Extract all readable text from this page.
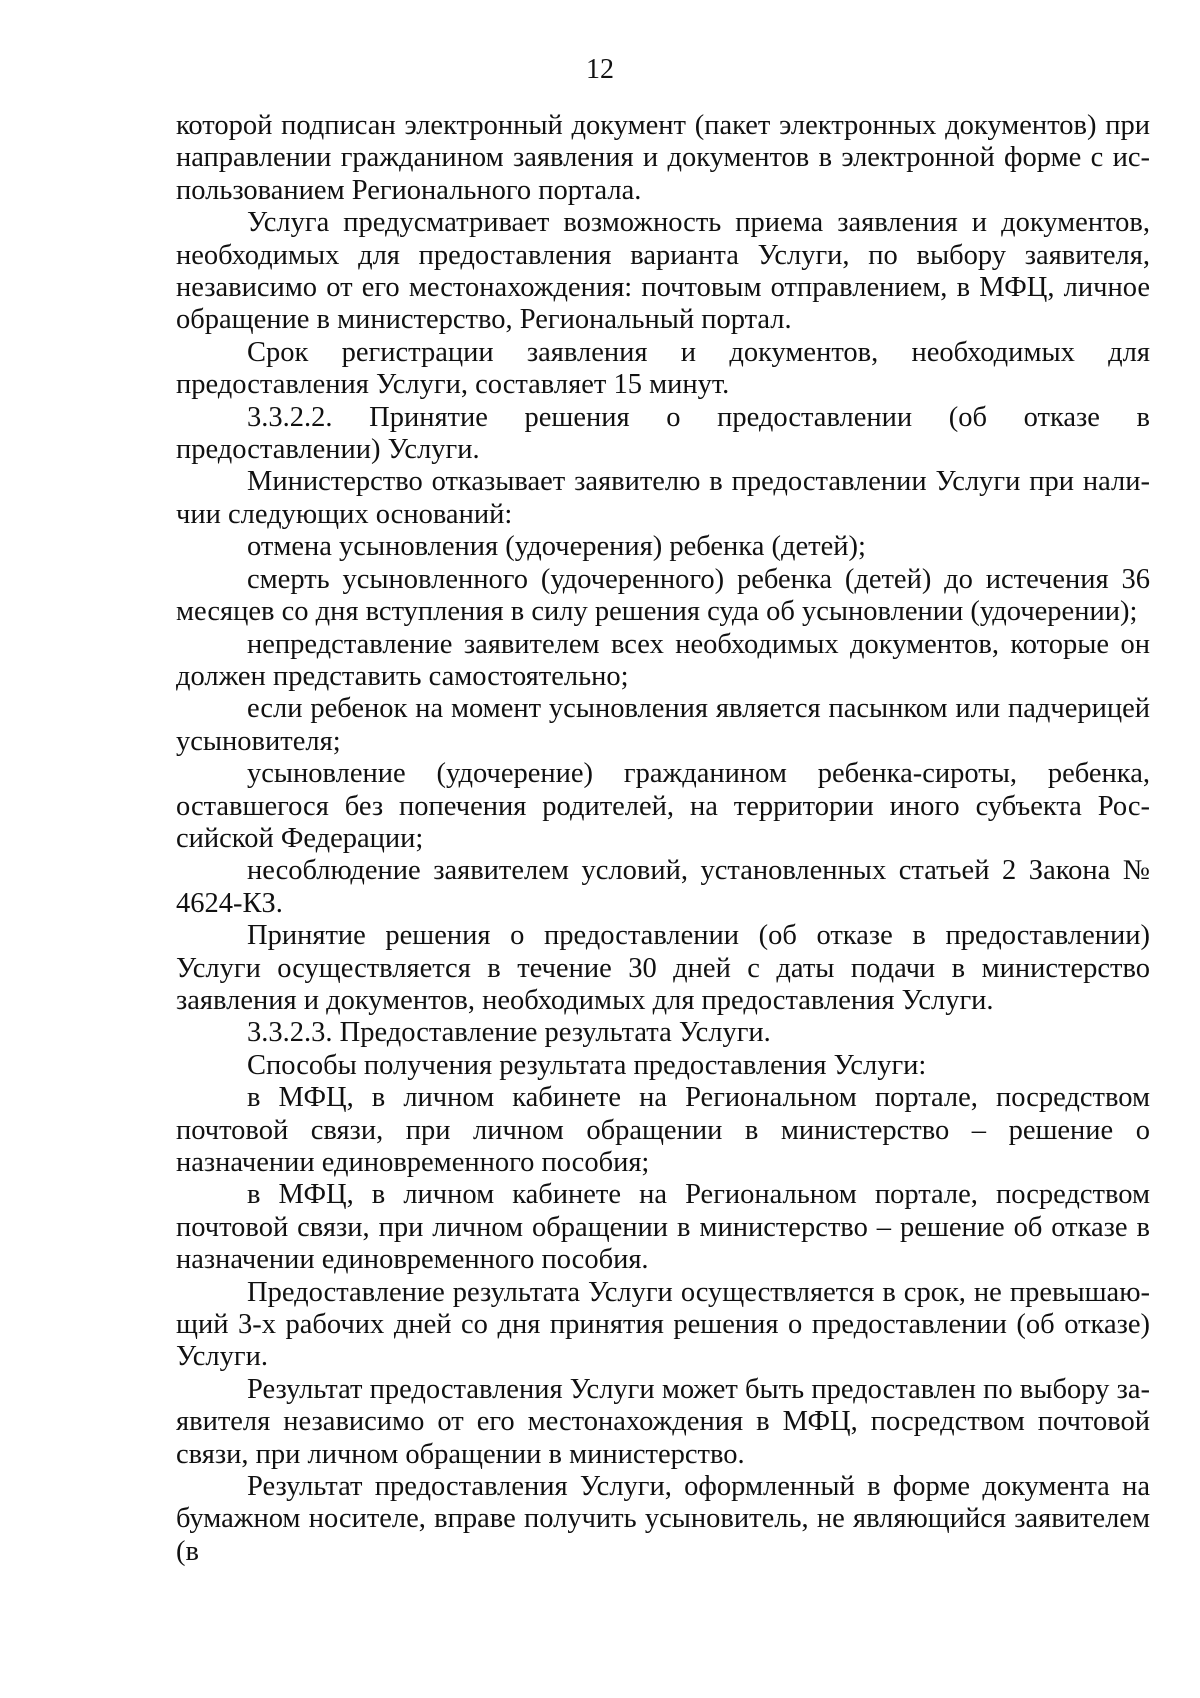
12

которой подписан электронный документ (пакет электронных документов) при направлении гражданином заявления и документов в электронной форме с использованием Регионального портала.

Услуга предусматривает возможность приема заявления и документов, необходимых для предоставления варианта Услуги, по выбору заявителя, независимо от его местонахождения: почтовым отправлением, в МФЦ, личное обращение в министерство, Региональный портал.

Срок регистрации заявления и документов, необходимых для предоставления Услуги, составляет 15 минут.

3.3.2.2. Принятие решения о предоставлении (об отказе в предоставлении) Услуги.

Министерство отказывает заявителю в предоставлении Услуги при наличии следующих оснований:

отмена усыновления (удочерения) ребенка (детей);

смерть усыновленного (удочеренного) ребенка (детей) до истечения 36 месяцев со дня вступления в силу решения суда об усыновлении (удочерении);

непредставление заявителем всех необходимых документов, которые он должен представить самостоятельно;

если ребенок на момент усыновления является пасынком или падчерицей усыновителя;

усыновление (удочерение) гражданином ребенка-сироты, ребенка, оставшегося без попечения родителей, на территории иного субъекта Российской Федерации;

несоблюдение заявителем условий, установленных статьей 2 Закона № 4624-КЗ.

Принятие решения о предоставлении (об отказе в предоставлении) Услуги осуществляется в течение 30 дней с даты подачи в министерство заявления и документов, необходимых для предоставления Услуги.

3.3.2.3. Предоставление результата Услуги.

Способы получения результата предоставления Услуги:

в МФЦ, в личном кабинете на Региональном портале, посредством почтовой связи, при личном обращении в министерство – решение о назначении единовременного пособия;

в МФЦ, в личном кабинете на Региональном портале, посредством почтовой связи, при личном обращении в министерство – решение об отказе в назначении единовременного пособия.

Предоставление результата Услуги осуществляется в срок, не превышающий 3-х рабочих дней со дня принятия решения о предоставлении (об отказе) Услуги.

Результат предоставления Услуги может быть предоставлен по выбору заявителя независимо от его местонахождения в МФЦ, посредством почтовой связи, при личном обращении в министерство.

Результат предоставления Услуги, оформленный в форме документа на бумажном носителе, вправе получить усыновитель, не являющийся заявителем (в
